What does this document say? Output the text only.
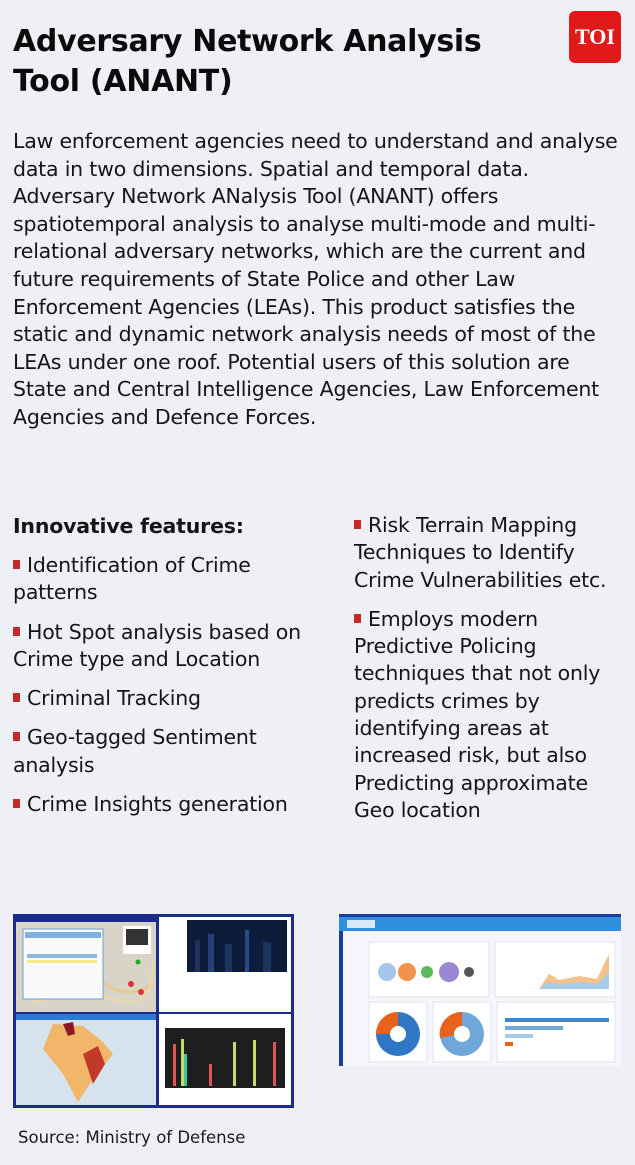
Adversary Network Analysis Tool (ANANT)
TOI
Law enforcement agencies need to understand and analyse data in two dimensions. Spatial and temporal data. Adversary Network ANalysis Tool (ANANT) offers spatiotemporal analysis to analyse multi-mode and multi-relational adversary networks, which are the current and future requirements of State Police and other Law Enforcement Agencies (LEAs). This product satisfies the static and dynamic network analysis needs of most of the LEAs under one roof. Potential users of this solution are State and Central Intelligence Agencies, Law Enforcement Agencies and Defence Forces.
Innovative features:
Identification of Crime patterns
Hot Spot analysis based on Crime type and Location
Criminal Tracking
Geo-tagged Sentiment analysis
Crime Insights generation
Risk Terrain Mapping Techniques to Identify Crime Vulnerabilities etc.
Employs modern Predictive Policing techniques that not only predicts crimes by identifying areas at increased risk, but also Predicting approximate Geo location
Source: Ministry of Defense
